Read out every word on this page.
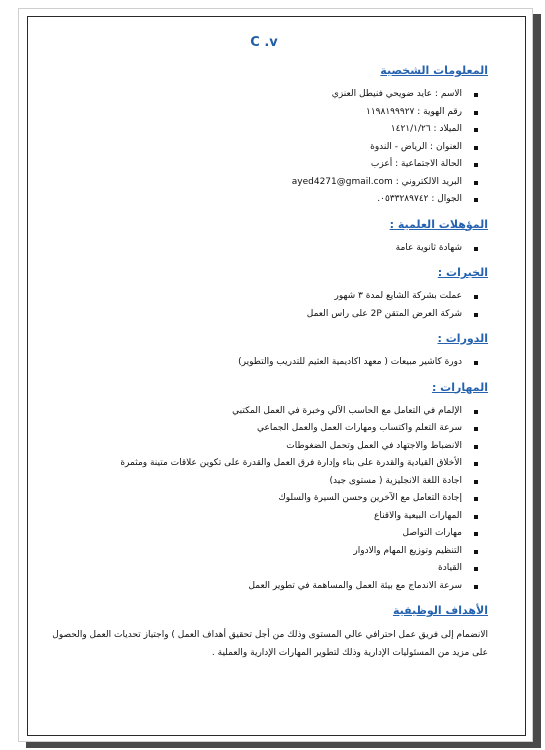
C .v
المعلومات الشخصية
الاسم : عايد ضويحي فنيطل العنزي
رقم الهوية : ١١٩٨١٩٩٩٢٧
الميلاد : ١٤٢١/١/٢٦
العنوان : الرياض - الندوة
الحالة الاجتماعية : أعزب
البريد الالكتروني : ayed4271@gmail.com
الجوال : ٠٥٣٣٢٨٩٧٤٢.
المؤهلات العلمية :
شهادة ثانوية عامة
الخبرات :
عملت بشركة الشايع لمدة ٣ شهور
شركة العرض المتقن 2P على راس العمل
الدورات :
دورة كاشير مبيعات ( معهد اكاديمية العثيم للتدريب والتطوير)
المهارات :
الإلمام في التعامل مع الحاسب الآلي وخبرة في العمل المكتبي
سرعة التعلم واكتساب ومهارات العمل والعمل الجماعي
الانضباط والاجتهاد في العمل وتحمل الضغوطات
الأخلاق القيادية والقدرة على بناء وإدارة فرق العمل والقدرة على تكوين علاقات متينة ومثمرة
اجادة اللغة الانجليزية ( مستوى جيد)
إجادة التعامل مع الآخرين وحسن السيرة والسلوك
المهارات البيعية والاقناع
مهارات التواصل
التنظيم وتوزيع المهام والادوار
القيادة
سرعة الاندماج مع بيئة العمل والمساهمة في تطوير العمل
الأهداف الوظيفية
الانضمام إلى فريق عمل احترافي عالي المستوى وذلك من أجل تحقيق أهداف العمل ) واجتياز تحديات العمل والحصول على مزيد من المسئوليات الإدارية وذلك لتطوير المهارات الإدارية والعملية .
